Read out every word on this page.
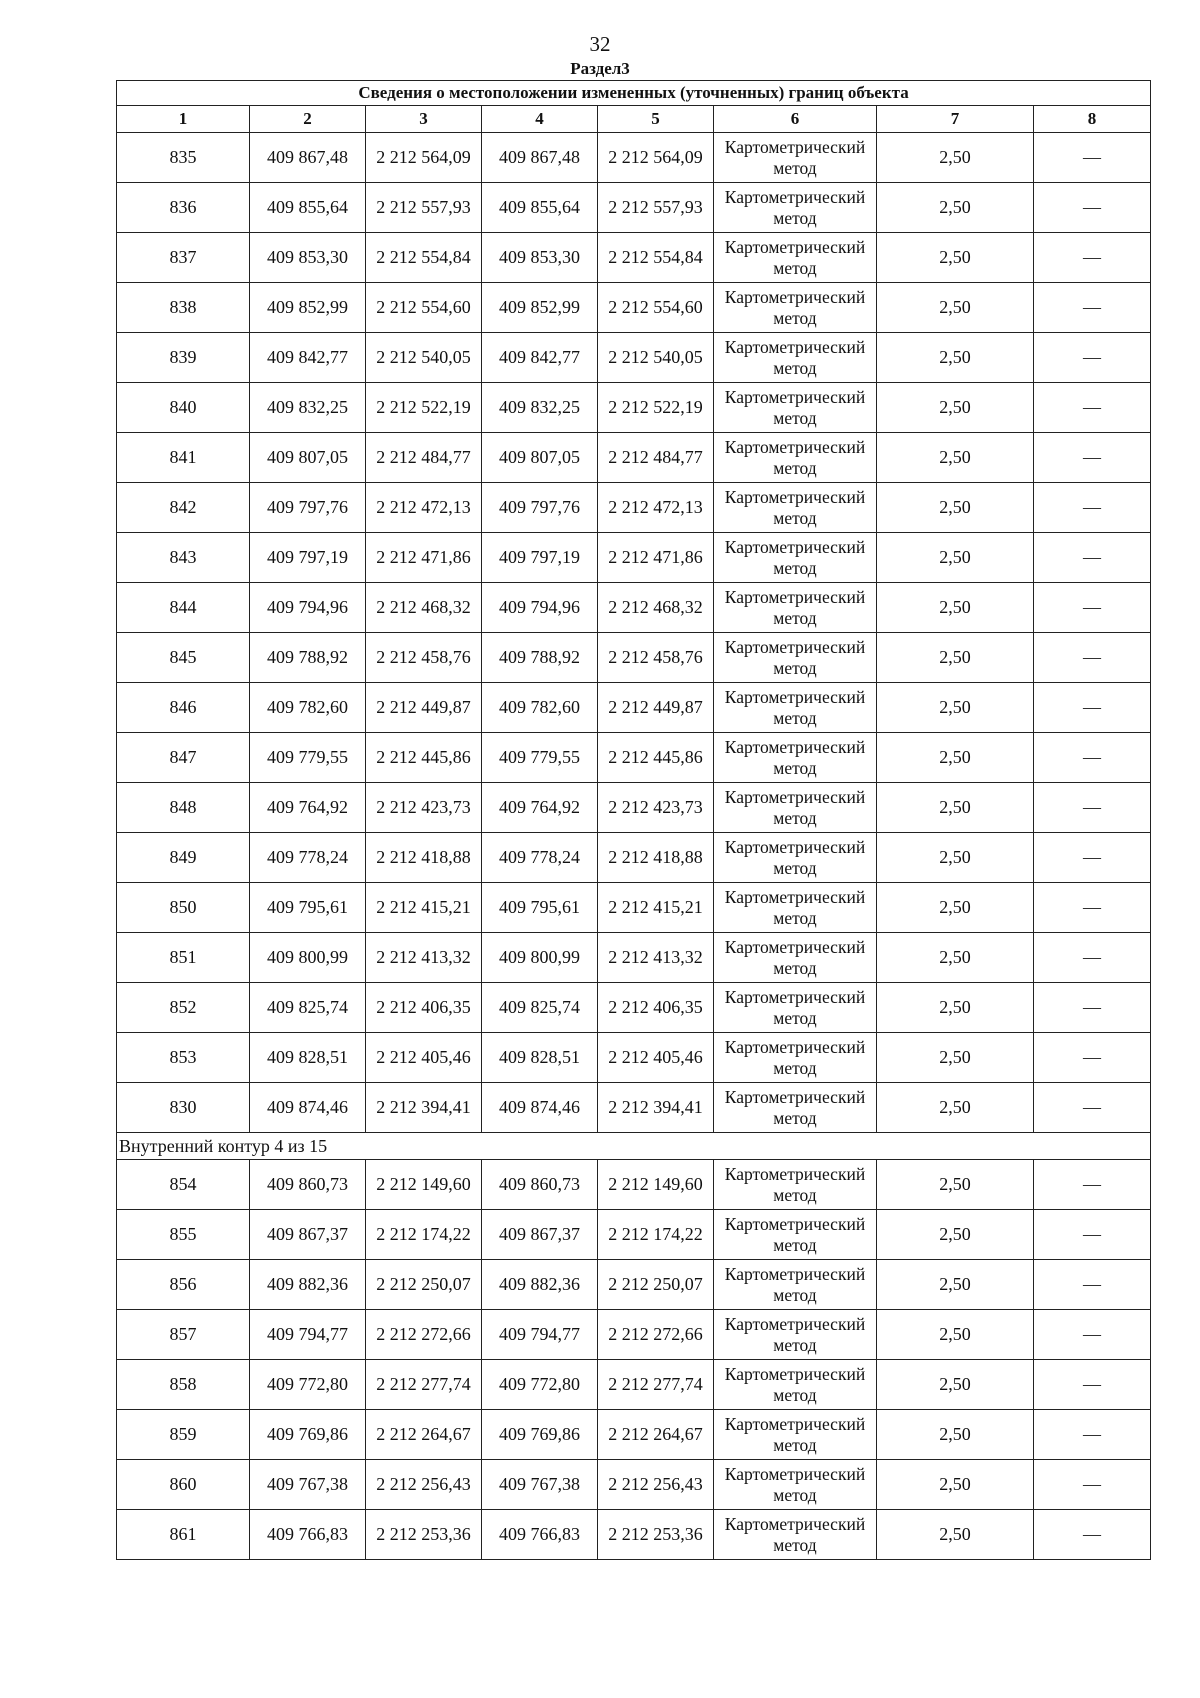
32
Раздел3
Сведения о местоположении измененных (уточненных) границ объекта							
1	2	3	4	5	6	7	8
835	409 867,48	2 212 564,09	409 867,48	2 212 564,09	Картометрический метод	2,50	—
836	409 855,64	2 212 557,93	409 855,64	2 212 557,93	Картометрический метод	2,50	—
837	409 853,30	2 212 554,84	409 853,30	2 212 554,84	Картометрический метод	2,50	—
838	409 852,99	2 212 554,60	409 852,99	2 212 554,60	Картометрический метод	2,50	—
839	409 842,77	2 212 540,05	409 842,77	2 212 540,05	Картометрический метод	2,50	—
840	409 832,25	2 212 522,19	409 832,25	2 212 522,19	Картометрический метод	2,50	—
841	409 807,05	2 212 484,77	409 807,05	2 212 484,77	Картометрический метод	2,50	—
842	409 797,76	2 212 472,13	409 797,76	2 212 472,13	Картометрический метод	2,50	—
843	409 797,19	2 212 471,86	409 797,19	2 212 471,86	Картометрический метод	2,50	—
844	409 794,96	2 212 468,32	409 794,96	2 212 468,32	Картометрический метод	2,50	—
845	409 788,92	2 212 458,76	409 788,92	2 212 458,76	Картометрический метод	2,50	—
846	409 782,60	2 212 449,87	409 782,60	2 212 449,87	Картометрический метод	2,50	—
847	409 779,55	2 212 445,86	409 779,55	2 212 445,86	Картометрический метод	2,50	—
848	409 764,92	2 212 423,73	409 764,92	2 212 423,73	Картометрический метод	2,50	—
849	409 778,24	2 212 418,88	409 778,24	2 212 418,88	Картометрический метод	2,50	—
850	409 795,61	2 212 415,21	409 795,61	2 212 415,21	Картометрический метод	2,50	—
851	409 800,99	2 212 413,32	409 800,99	2 212 413,32	Картометрический метод	2,50	—
852	409 825,74	2 212 406,35	409 825,74	2 212 406,35	Картометрический метод	2,50	—
853	409 828,51	2 212 405,46	409 828,51	2 212 405,46	Картометрический метод	2,50	—
830	409 874,46	2 212 394,41	409 874,46	2 212 394,41	Картометрический метод	2,50	—
Внутренний контур 4 из 15							
854	409 860,73	2 212 149,60	409 860,73	2 212 149,60	Картометрический метод	2,50	—
855	409 867,37	2 212 174,22	409 867,37	2 212 174,22	Картометрический метод	2,50	—
856	409 882,36	2 212 250,07	409 882,36	2 212 250,07	Картометрический метод	2,50	—
857	409 794,77	2 212 272,66	409 794,77	2 212 272,66	Картометрический метод	2,50	—
858	409 772,80	2 212 277,74	409 772,80	2 212 277,74	Картометрический метод	2,50	—
859	409 769,86	2 212 264,67	409 769,86	2 212 264,67	Картометрический метод	2,50	—
860	409 767,38	2 212 256,43	409 767,38	2 212 256,43	Картометрический метод	2,50	—
861	409 766,83	2 212 253,36	409 766,83	2 212 253,36	Картометрический метод	2,50	—
